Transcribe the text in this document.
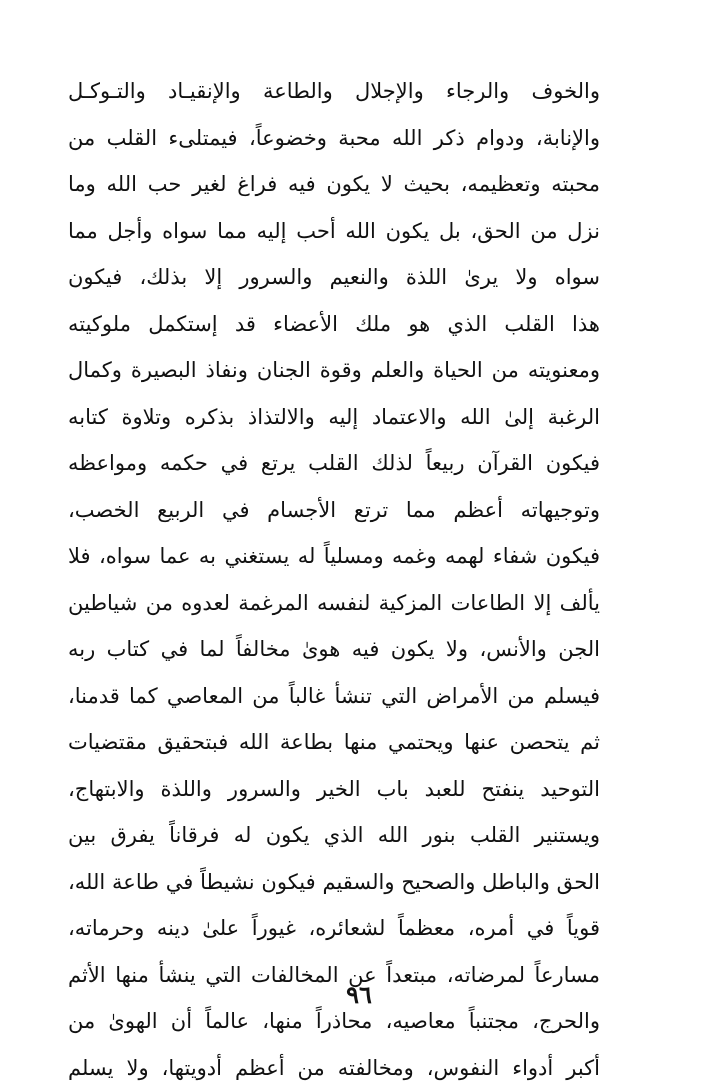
والخوف والرجاء والإجلال والطاعة والإنقيـاد والتـوكـل
والإنابة، ودوام ذكر الله محبة وخضوعاً، فيمتلىء القلب من
محبته وتعظيمه، بحيث لا يكون فيه فراغ لغير حب الله وما
نزل من الحق، بل يكون الله أحب إليه مما سواه وأجل مما
سواه ولا يرىٰ اللذة والنعيم والسرور إلا بذلك، فيكون
هذا القلب الذي هو ملك الأعضاء قد إستكمل ملوكيته
ومعنويته من الحياة والعلم وقوة الجنان ونفاذ البصيرة وكمال
الرغبة إلىٰ الله والاعتماد إليه والالتذاذ بذكره وتلاوة كتابه
فيكون القرآن ربيعاً لذلك القلب يرتع في حكمه ومواعظه
وتوجيهاته أعظم مما ترتع الأجسام في الربيع الخصب،
فيكون شفاء لهمه وغمه ومسلياً له يستغني به عما سواه، فلا
يألف إلا الطاعات المزكية لنفسه المرغمة لعدوه من شياطين
الجن والأنس، ولا يكون فيه هوىٰ مخالفاً لما في كتاب ربه
فيسلم من الأمراض التي تنشأ غالباً من المعاصي كما قدمنا،
ثم يتحصن عنها ويحتمي منها بطاعة الله فبتحقيق مقتضيات
التوحيد ينفتح للعبد باب الخير والسرور واللذة والابتهاج،
ويستنير القلب بنور الله الذي يكون له فرقاناً يفرق بين
الحق والباطل والصحيح والسقيم فيكون نشيطاً في طاعة الله،
قوياً في أمره، معظماً لشعائره، غيوراً علىٰ دينه وحرماته،
مسارعاً لمرضاته، مبتعداً عن المخالفات التي ينشأ منها الأثم
والحرج، مجتنباً معاصيه، محاذراً منها، عالماً أن الهوىٰ من
أكبر أدواء النفوس، ومخالفته من أعظم أدويتها، ولا يسلم
٩٦
